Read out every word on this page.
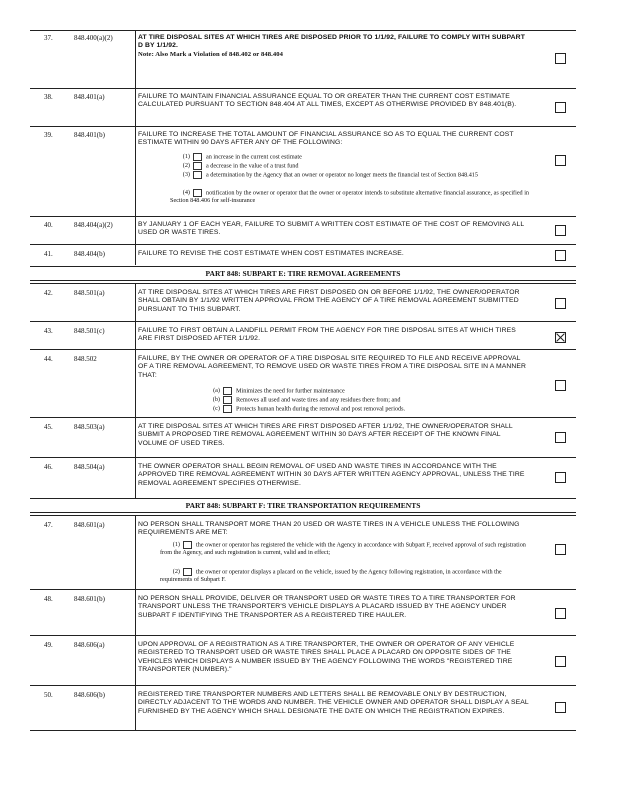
37.	848.400(a)(2)	AT TIRE DISPOSAL SITES AT WHICH TIRES ARE DISPOSED PRIOR TO 1/1/92, FAILURE TO COMPLY WITH SUBPART D BY 1/1/92.
Note: Also Mark a Violation of 848.402 or 848.404
38.	848.401(a)	FAILURE TO MAINTAIN FINANCIAL ASSURANCE EQUAL TO OR GREATER THAN THE CURRENT COST ESTIMATE CALCULATED PURSUANT TO SECTION 848.404 AT ALL TIMES, EXCEPT AS OTHERWISE PROVIDED BY 848.401(B).
39.	848.401(b)	FAILURE TO INCREASE THE TOTAL AMOUNT OF FINANCIAL ASSURANCE SO AS TO EQUAL THE CURRENT COST ESTIMATE WITHIN 90 DAYS AFTER ANY OF THE FOLLOWING:
(1)	an increase in the current cost estimate
(2)	a decrease in the value of a trust fund
(3)	a determination by the Agency that an owner or operator no longer meets the financial test of Section 848.415
(4)	notification by the owner or operator that the owner or operator intends to substitute alternative financial assurance, as specified in Section 848.406 for self-insurance
40.	848.404(a)(2)	BY JANUARY 1 OF EACH YEAR, FAILURE TO SUBMIT A WRITTEN COST ESTIMATE OF THE COST OF REMOVING ALL USED OR WASTE TIRES.
41.	848.404(b)	FAILURE TO REVISE THE COST ESTIMATE WHEN COST ESTIMATES INCREASE.
PART 848: SUBPART E: TIRE REMOVAL AGREEMENTS
42.	848.501(a)	AT TIRE DISPOSAL SITES AT WHICH TIRES ARE FIRST DISPOSED ON OR BEFORE 1/1/92, THE OWNER/OPERATOR SHALL OBTAIN BY 1/1/92 WRITTEN APPROVAL FROM THE AGENCY OF A TIRE REMOVAL AGREEMENT SUBMITTED PURSUANT TO THIS SUBPART.
43.	848.501(c)	FAILURE TO FIRST OBTAIN A LANDFILL PERMIT FROM THE AGENCY FOR TIRE DISPOSAL SITES AT WHICH TIRES ARE FIRST DISPOSED AFTER 1/1/92.
44.	848.502	FAILURE, BY THE OWNER OR OPERATOR OF A TIRE DISPOSAL SITE REQUIRED TO FILE AND RECEIVE APPROVAL OF A TIRE REMOVAL AGREEMENT, TO REMOVE USED OR WASTE TIRES FROM A TIRE DISPOSAL SITE IN A MANNER THAT:
(a)	Minimizes the need for further maintenance
(b)	Removes all used and waste tires and any residues there from; and
(c)	Protects human health during the removal and post removal periods.
45.	848.503(a)	AT TIRE DISPOSAL SITES AT WHICH TIRES ARE FIRST DISPOSED AFTER 1/1/92, THE OWNER/OPERATOR SHALL SUBMIT A PROPOSED TIRE REMOVAL AGREEMENT WITHIN 30 DAYS AFTER RECEIPT OF THE KNOWN FINAL VOLUME OF USED TIRES.
46.	848.504(a)	THE OWNER OPERATOR SHALL BEGIN REMOVAL OF USED AND WASTE TIRES IN ACCORDANCE WITH THE APPROVED TIRE REMOVAL AGREEMENT WITHIN 30 DAYS AFTER WRITTEN AGENCY APPROVAL, UNLESS THE TIRE REMOVAL AGREEMENT SPECIFIES OTHERWISE.
PART 848: SUBPART F: TIRE TRANSPORTATION REQUIREMENTS
47.	848.601(a)	NO PERSON SHALL TRANSPORT MORE THAN 20 USED OR WASTE TIRES IN A VEHICLE UNLESS THE FOLLOWING REQUIREMENTS ARE MET:
(1)	the owner or operator has registered the vehicle with the Agency in accordance with Subpart F, received approval of such registration from the Agency, and such registration is current, valid and in effect;
(2)	the owner or operator displays a placard on the vehicle, issued by the Agency following registration, in accordance with the requirements of Subpart F.
48.	848.601(b)	NO PERSON SHALL PROVIDE, DELIVER OR TRANSPORT USED OR WASTE TIRES TO A TIRE TRANSPORTER FOR TRANSPORT UNLESS THE TRANSPORTER'S VEHICLE DISPLAYS A PLACARD ISSUED BY THE AGENCY UNDER SUBPART F IDENTIFYING THE TRANSPORTER AS A REGISTERED TIRE HAULER.
49.	848.606(a)	UPON APPROVAL OF A REGISTRATION AS A TIRE TRANSPORTER, THE OWNER OR OPERATOR OF ANY VEHICLE REGISTERED TO TRANSPORT USED OR WASTE TIRES SHALL PLACE A PLACARD ON OPPOSITE SIDES OF THE VEHICLES WHICH DISPLAYS A NUMBER ISSUED BY THE AGENCY FOLLOWING THE WORDS "REGISTERED TIRE TRANSPORTER (NUMBER)."
50.	848.606(b)	REGISTERED TIRE TRANSPORTER NUMBERS AND LETTERS SHALL BE REMOVABLE ONLY BY DESTRUCTION, DIRECTLY ADJACENT TO THE WORDS AND NUMBER. THE VEHICLE OWNER AND OPERATOR SHALL DISPLAY A SEAL FURNISHED BY THE AGENCY WHICH SHALL DESIGNATE THE DATE ON WHICH THE REGISTRATION EXPIRES.
